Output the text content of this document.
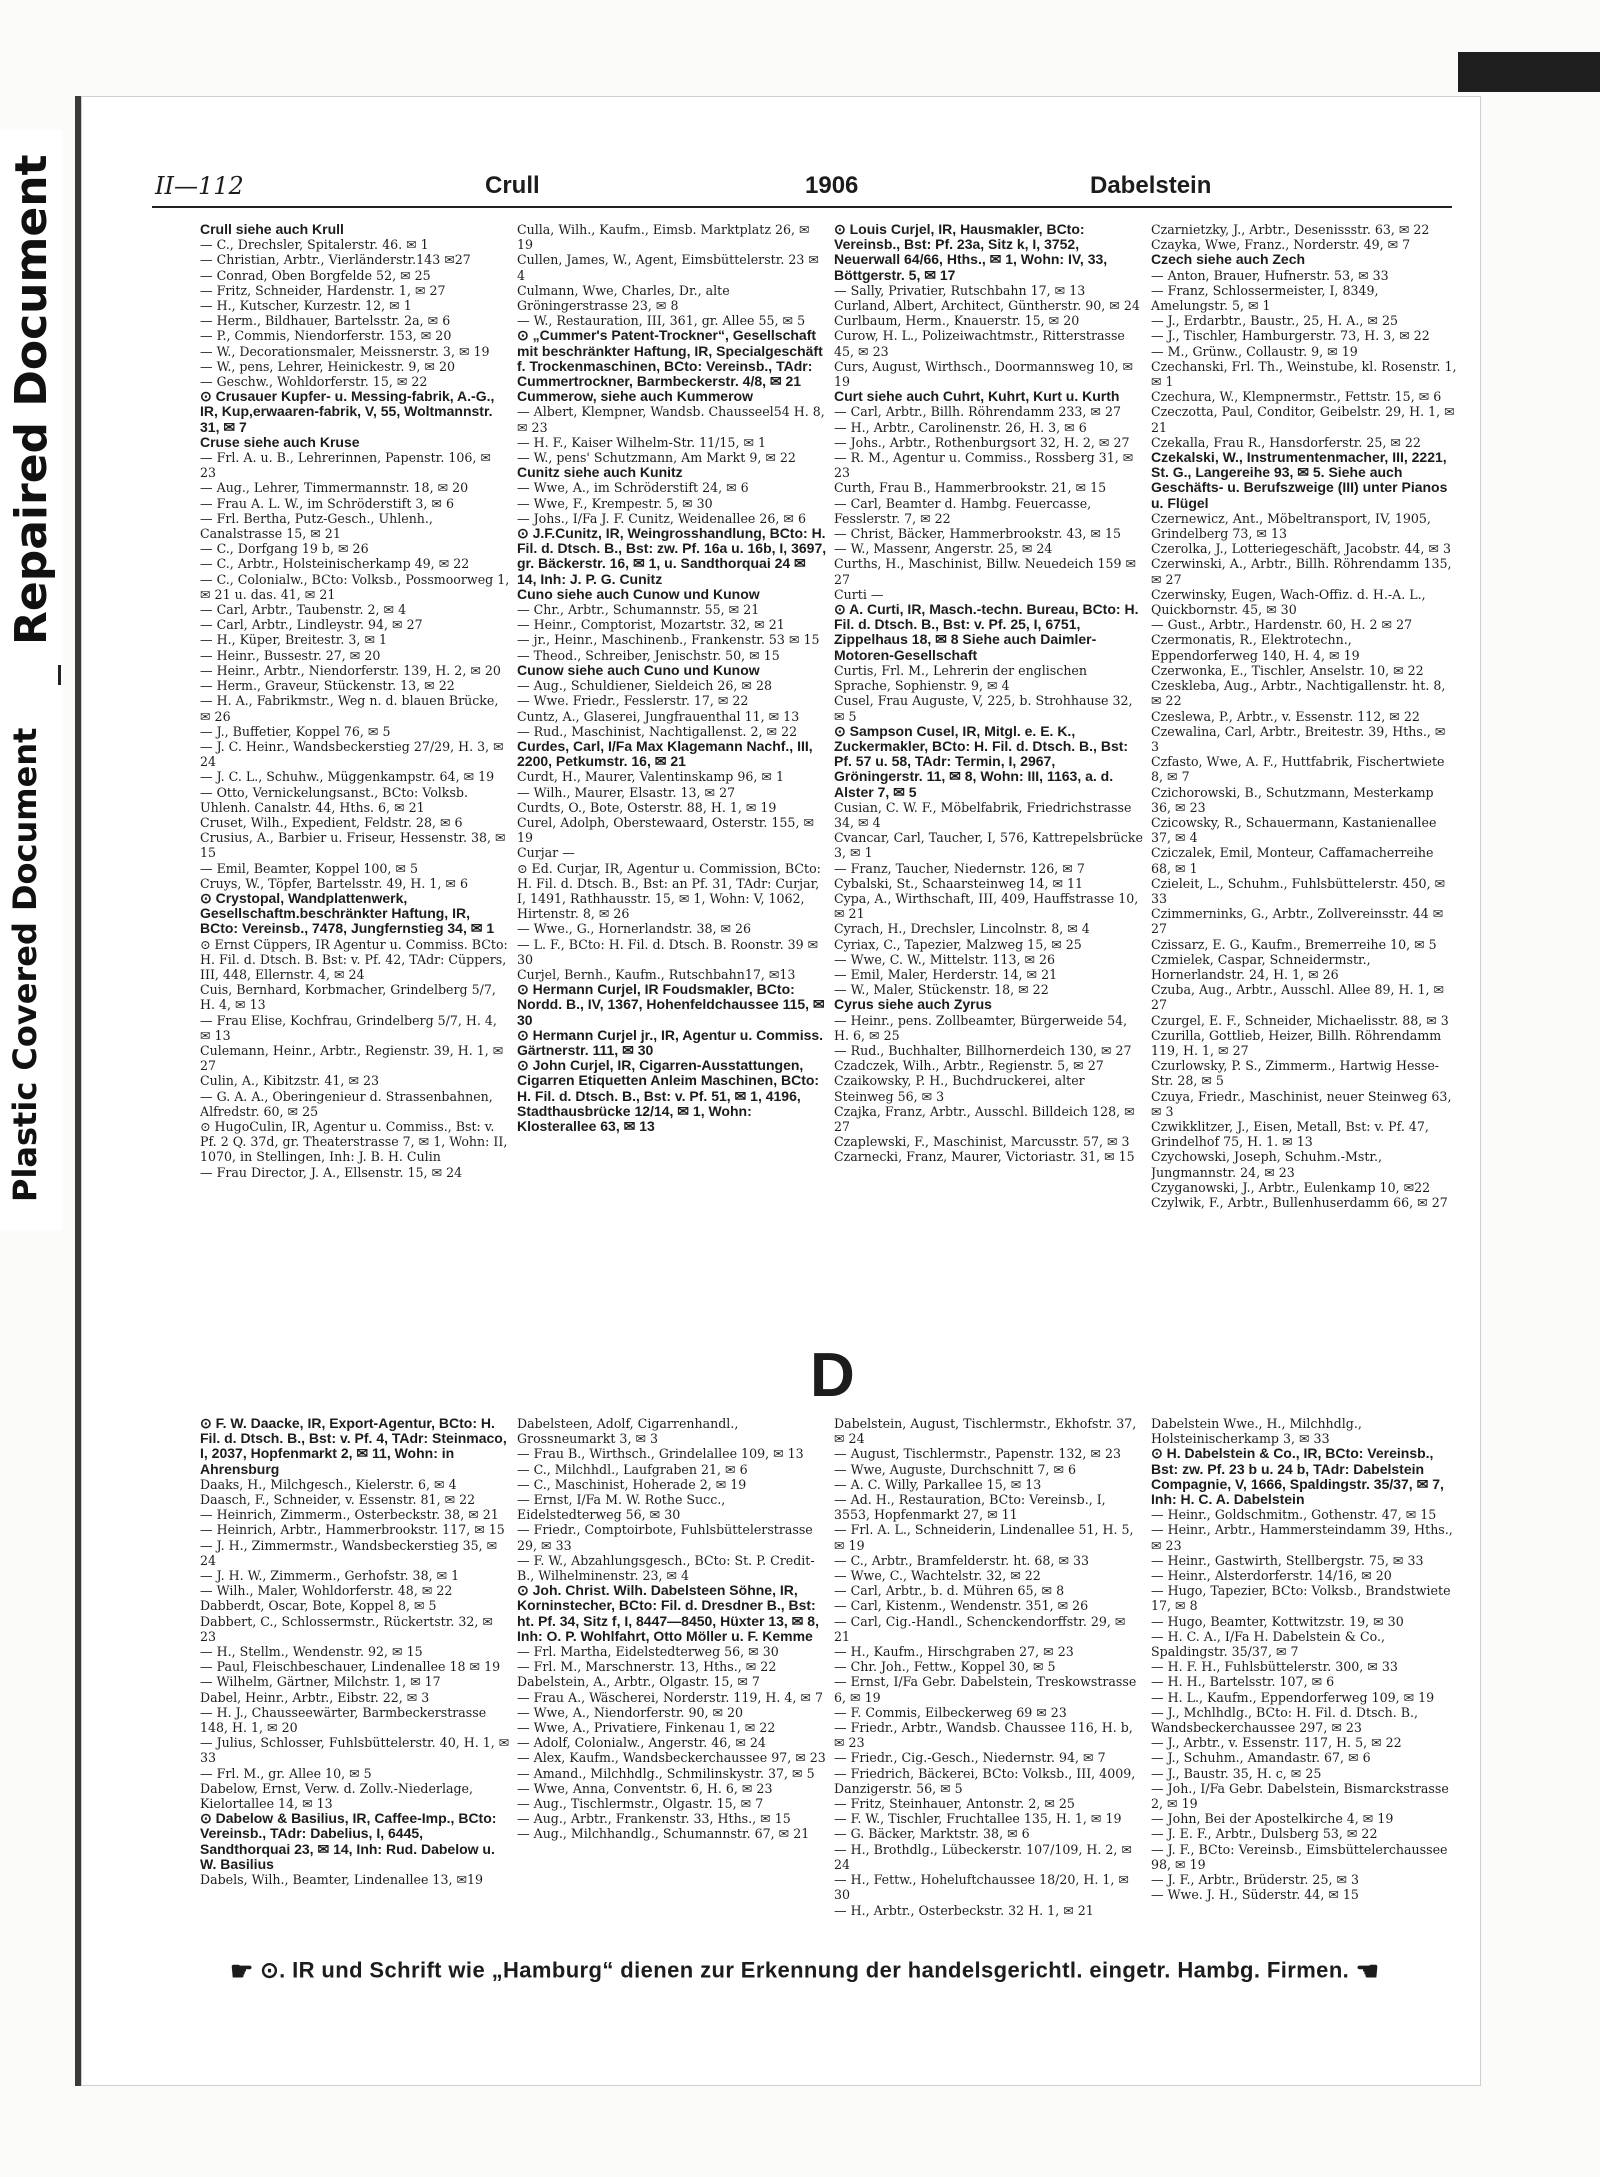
Repaired Document
Plastic Covered Document
II—112	Crull	1906	Dabelstein

Crull siehe auch Krull

— C., Drechsler, Spitalerstr. 46. ✉ 1

— Christian, Arbtr., Vierländerstr.143 ✉27

— Conrad, Oben Borgfelde 52, ✉ 25

— Fritz, Schneider, Hardenstr. 1, ✉ 27

— H., Kutscher, Kurzestr. 12, ✉ 1

— Herm., Bildhauer, Bartelsstr. 2a, ✉ 6

— P., Commis, Niendorferstr. 153, ✉ 20

— W., Decorationsmaler, Meissnerstr. 3, ✉ 19

— W., pens, Lehrer, Heinickestr. 9, ✉ 20

— Geschw., Wohldorferstr. 15, ✉ 22

⊙ Crusauer Kupfer- u. Messing-fabrik, A.-G., IR, Kup,erwaaren-fabrik, V, 55, Woltmannstr. 31, ✉ 7

Cruse siehe auch Kruse

— Frl. A. u. B., Lehrerinnen, Papenstr. 106, ✉ 23

— Aug., Lehrer, Timmermannstr. 18, ✉ 20

— Frau A. L. W., im Schröderstift 3, ✉ 6

— Frl. Bertha, Putz-Gesch., Uhlenh., Canalstrasse 15, ✉ 21

— C., Dorfgang 19 b, ✉ 26

— C., Arbtr., Holsteinischerkamp 49, ✉ 22

— C., Colonialw., BCto: Volksb., Possmoorweg 1, ✉ 21 u. das. 41, ✉ 21

— Carl, Arbtr., Taubenstr. 2, ✉ 4

— Carl, Arbtr., Lindleystr. 94, ✉ 27

— H., Küper, Breitestr. 3, ✉ 1

— Heinr., Bussestr. 27, ✉ 20

— Heinr., Arbtr., Niendorferstr. 139, H. 2, ✉ 20

— Herm., Graveur, Stückenstr. 13, ✉ 22

— H. A., Fabrikmstr., Weg n. d. blauen Brücke, ✉ 26

— J., Buffetier, Koppel 76, ✉ 5

— J. C. Heinr., Wandsbeckerstieg 27/29, H. 3, ✉ 24

— J. C. L., Schuhw., Müggenkampstr. 64, ✉ 19

— Otto, Vernickelungsanst., BCto: Volksb. Uhlenh. Canalstr. 44, Hths. 6, ✉ 21

Cruset, Wilh., Expedient, Feldstr. 28, ✉ 6

Crusius, A., Barbier u. Friseur, Hessenstr. 38, ✉ 15

— Emil, Beamter, Koppel 100, ✉ 5

Cruys, W., Töpfer, Bartelsstr. 49, H. 1, ✉ 6

⊙ Crystopal, Wandplattenwerk, Gesellschaftm.beschränkter Haftung, IR, BCto: Vereinsb., 7478, Jungfernstieg 34, ✉ 1

⊙ Ernst Cüppers, IR Agentur u. Commiss. BCto: H. Fil. d. Dtsch. B. Bst: v. Pf. 42, TAdr: Cüppers, III, 448, Ellernstr. 4, ✉ 24

Cuis, Bernhard, Korbmacher, Grindelberg 5/7, H. 4, ✉ 13

— Frau Elise, Kochfrau, Grindelberg 5/7, H. 4, ✉ 13

Culemann, Heinr., Arbtr., Regienstr. 39, H. 1, ✉ 27

Culin, A., Kibitzstr. 41, ✉ 23

— G. A. A., Oberingenieur d. Strassenbahnen, Alfredstr. 60, ✉ 25

⊙ HugoCulin, IR, Agentur u. Commiss., Bst: v. Pf. 2 Q. 37d, gr. Theaterstrasse 7, ✉ 1, Wohn: II, 1070, in Stellingen, Inh: J. B. H. Culin

— Frau Director, J. A., Ellsenstr. 15, ✉ 24

Culla, Wilh., Kaufm., Eimsb. Marktplatz 26, ✉ 19

Cullen, James, W., Agent, Eimsbüttelerstr. 23 ✉ 4

Culmann, Wwe, Charles, Dr., alte Gröningerstrasse 23, ✉ 8

— W., Restauration, III, 361, gr. Allee 55, ✉ 5

⊙ „Cummer's Patent-Trockner“, Gesellschaft mit beschränkter Haftung, IR, Specialgeschäft f. Trockenmaschinen, BCto: Vereinsb., TAdr: Cummertrockner, Barmbeckerstr. 4/8, ✉ 21

Cummerow, siehe auch Kummerow

— Albert, Klempner, Wandsb. Chausseel54 H. 8, ✉ 23

— H. F., Kaiser Wilhelm-Str. 11/15, ✉ 1

— W., pens' Schutzmann, Am Markt 9, ✉ 22

Cunitz siehe auch Kunitz

— Wwe, A., im Schröderstift 24, ✉ 6

— Wwe, F., Krempestr. 5, ✉ 30

— Johs., I/Fa J. F. Cunitz, Weidenallee 26, ✉ 6

⊙ J.F.Cunitz, IR, Weingrosshandlung, BCto: H. Fil. d. Dtsch. B., Bst: zw. Pf. 16a u. 16b, I, 3697, gr. Bäckerstr. 16, ✉ 1, u. Sandthorquai 24 ✉ 14, Inh: J. P. G. Cunitz

Cuno siehe auch Cunow und Kunow

— Chr., Arbtr., Schumannstr. 55, ✉ 21

— Heinr., Comptorist, Mozartstr. 32, ✉ 21

— jr., Heinr., Maschinenb., Frankenstr. 53 ✉ 15

— Theod., Schreiber, Jenischstr. 50, ✉ 15

Cunow siehe auch Cuno und Kunow

— Aug., Schuldiener, Sieldeich 26, ✉ 28

— Wwe. Friedr., Fesslerstr. 17, ✉ 22

Cuntz, A., Glaserei, Jungfrauenthal 11, ✉ 13

— Rud., Maschinist, Nachtigallenst. 2, ✉ 22

Curdes, Carl, I/Fa Max Klagemann Nachf., III, 2200, Petkumstr. 16, ✉ 21

Curdt, H., Maurer, Valentinskamp 96, ✉ 1

— Wilh., Maurer, Elsastr. 13, ✉ 27

Curdts, O., Bote, Osterstr. 88, H. 1, ✉ 19

Curel, Adolph, Oberstewaard, Osterstr. 155, ✉ 19

Curjar —

⊙ Ed. Curjar, IR, Agentur u. Commission, BCto: H. Fil. d. Dtsch. B., Bst: an Pf. 31, TAdr: Curjar, I, 1491, Rathhausstr. 15, ✉ 1, Wohn: V, 1062, Hirtenstr. 8, ✉ 26

— Wwe., G., Hornerlandstr. 38, ✉ 26

— L. F., BCto: H. Fil. d. Dtsch. B. Roonstr. 39 ✉ 30

Curjel, Bernh., Kaufm., Rutschbahn17, ✉13

⊙ Hermann Curjel, IR Foudsmakler, BCto: Nordd. B., IV, 1367, Hohenfeldchaussee 115, ✉ 30

⊙ Hermann Curjel jr., IR, Agentur u. Commiss. Gärtnerstr. 111, ✉ 30

⊙ John Curjel, IR, Cigarren-Ausstattungen, Cigarren Etiquetten Anleim Maschinen, BCto: H. Fil. d. Dtsch. B., Bst: v. Pf. 51, ✉ 1, 4196, Stadthausbrücke 12/14, ✉ 1, Wohn: Klosterallee 63, ✉ 13

⊙ Louis Curjel, IR, Hausmakler, BCto: Vereinsb., Bst: Pf. 23a, Sitz k, I, 3752, Neuerwall 64/66, Hths., ✉ 1, Wohn: IV, 33, Böttgerstr. 5, ✉ 17

— Sally, Privatier, Rutschbahn 17, ✉ 13

Curland, Albert, Architect, Güntherstr. 90, ✉ 24

Curlbaum, Herm., Knauerstr. 15, ✉ 20

Curow, H. L., Polizeiwachtmstr., Ritterstrasse 45, ✉ 23

Curs, August, Wirthsch., Doormannsweg 10, ✉ 19

Curt siehe auch Cuhrt, Kuhrt, Kurt u. Kurth

— Carl, Arbtr., Billh. Röhrendamm 233, ✉ 27

— H., Arbtr., Carolinenstr. 26, H. 3, ✉ 6

— Johs., Arbtr., Rothenburgsort 32, H. 2, ✉ 27

— R. M., Agentur u. Commiss., Rossberg 31, ✉ 23

Curth, Frau B., Hammerbrookstr. 21, ✉ 15

— Carl, Beamter d. Hambg. Feuercasse, Fesslerstr. 7, ✉ 22

— Christ, Bäcker, Hammerbrookstr. 43, ✉ 15

— W., Massenr, Angerstr. 25, ✉ 24

Curths, H., Maschinist, Billw. Neuedeich 159 ✉ 27

Curti —

⊙ A. Curti, IR, Masch.-techn. Bureau, BCto: H. Fil. d. Dtsch. B., Bst: v. Pf. 25, I, 6751, Zippelhaus 18, ✉ 8 Siehe auch Daimler-Motoren-Gesellschaft

Curtis, Frl. M., Lehrerin der englischen Sprache, Sophienstr. 9, ✉ 4

Cusel, Frau Auguste, V, 225, b. Strohhause 32, ✉ 5

⊙ Sampson Cusel, IR, Mitgl. e. E. K., Zuckermakler, BCto: H. Fil. d. Dtsch. B., Bst: Pf. 57 u. 58, TAdr: Termin, I, 2967, Gröningerstr. 11, ✉ 8, Wohn: III, 1163, a. d. Alster 7, ✉ 5

Cusian, C. W. F., Möbelfabrik, Friedrichstrasse 34, ✉ 4

Cvancar, Carl, Taucher, I, 576, Kattrepelsbrücke 3, ✉ 1

— Franz, Taucher, Niedernstr. 126, ✉ 7

Cybalski, St., Schaarsteinweg 14, ✉ 11

Cypa, A., Wirthschaft, III, 409, Hauffstrasse 10, ✉ 21

Cyrach, H., Drechsler, Lincolnstr. 8, ✉ 4

Cyriax, C., Tapezier, Malzweg 15, ✉ 25

— Wwe, C. W., Mittelstr. 113, ✉ 26

— Emil, Maler, Herderstr. 14, ✉ 21

— W., Maler, Stückenstr. 18, ✉ 22

Cyrus siehe auch Zyrus

— Heinr., pens. Zollbeamter, Bürgerweide 54, H. 6, ✉ 25

— Rud., Buchhalter, Billhornerdeich 130, ✉ 27

Czadczek, Wilh., Arbtr., Regienstr. 5, ✉ 27

Czaikowsky, P. H., Buchdruckerei, alter Steinweg 56, ✉ 3

Czajka, Franz, Arbtr., Ausschl. Billdeich 128, ✉ 27

Czaplewski, F., Maschinist, Marcusstr. 57, ✉ 3

Czarnecki, Franz, Maurer, Victoriastr. 31, ✉ 15

Czarnietzky, J., Arbtr., Desenissstr. 63, ✉ 22

Czayka, Wwe, Franz., Norderstr. 49, ✉ 7

Czech siehe auch Zech

— Anton, Brauer, Hufnerstr. 53, ✉ 33

— Franz, Schlossermeister, I, 8349, Amelungstr. 5, ✉ 1

— J., Erdarbtr., Baustr., 25, H. A., ✉ 25

— J., Tischler, Hamburgerstr. 73, H. 3, ✉ 22

— M., Grünw., Collaustr. 9, ✉ 19

Czechanski, Frl. Th., Weinstube, kl. Rosenstr. 1, ✉ 1

Czechura, W., Klempnermstr., Fettstr. 15, ✉ 6

Czeczotta, Paul, Conditor, Geibelstr. 29, H. 1, ✉ 21

Czekalla, Frau R., Hansdorferstr. 25, ✉ 22

Czekalski, W., Instrumentenmacher, III, 2221, St. G., Langereihe 93, ✉ 5. Siehe auch Geschäfts- u. Berufszweige (III) unter Pianos u. Flügel

Czernewicz, Ant., Möbeltransport, IV, 1905, Grindelberg 73, ✉ 13

Czerolka, J., Lotteriegeschäft, Jacobstr. 44, ✉ 3

Czerwinski, A., Arbtr., Billh. Röhrendamm 135, ✉ 27

Czerwinsky, Eugen, Wach-Offiz. d. H.-A. L., Quickbornstr. 45, ✉ 30

— Gust., Arbtr., Hardenstr. 60, H. 2 ✉ 27

Czermonatis, R., Elektrotechn., Eppendorferweg 140, H. 4, ✉ 19

Czerwonka, E., Tischler, Anselstr. 10, ✉ 22

Czeskleba, Aug., Arbtr., Nachtigallenstr. ht. 8, ✉ 22

Czeslewa, P., Arbtr., v. Essenstr. 112, ✉ 22

Czewalina, Carl, Arbtr., Breitestr. 39, Hths., ✉ 3

Czfasto, Wwe, A. F., Huttfabrik, Fischertwiete 8, ✉ 7

Czichorowski, B., Schutzmann, Mesterkamp 36, ✉ 23

Czicowsky, R., Schauermann, Kastanienallee 37, ✉ 4

Cziczalek, Emil, Monteur, Caffamacherreihe 68, ✉ 1

Czieleit, L., Schuhm., Fuhlsbüttelerstr. 450, ✉ 33

Czimmerninks, G., Arbtr., Zollvereinsstr. 44 ✉ 27

Czissarz, E. G., Kaufm., Bremerreihe 10, ✉ 5

Czmielek, Caspar, Schneidermstr., Hornerlandstr. 24, H. 1, ✉ 26

Czuba, Aug., Arbtr., Ausschl. Allee 89, H. 1, ✉ 27

Czurgel, E. F., Schneider, Michaelisstr. 88, ✉ 3

Czurilla, Gottlieb, Heizer, Billh. Röhrendamm 119, H. 1, ✉ 27

Czurlowsky, P. S., Zimmerm., Hartwig Hesse-Str. 28, ✉ 5

Czuya, Friedr., Maschinist, neuer Steinweg 63, ✉ 3

Czwikklitzer, J., Eisen, Metall, Bst: v. Pf. 47, Grindelhof 75, H. 1. ✉ 13

Czychowski, Joseph, Schuhm.-Mstr., Jungmannstr. 24, ✉ 23

Czyganowski, J., Arbtr., Eulenkamp 10, ✉22

Czylwik, F., Arbtr., Bullenhuserdamm 66, ✉ 27

D

⊙ F. W. Daacke, IR, Export-Agentur, BCto: H. Fil. d. Dtsch. B., Bst: v. Pf. 4, TAdr: Steinmaco, I, 2037, Hopfenmarkt 2, ✉ 11, Wohn: in Ahrensburg

Daaks, H., Milchgesch., Kielerstr. 6, ✉ 4

Daasch, F., Schneider, v. Essenstr. 81, ✉ 22

— Heinrich, Zimmerm., Osterbeckstr. 38, ✉ 21

— Heinrich, Arbtr., Hammerbrookstr. 117, ✉ 15

— J. H., Zimmermstr., Wandsbeckerstieg 35, ✉ 24

— J. H. W., Zimmerm., Gerhofstr. 38, ✉ 1

— Wilh., Maler, Wohldorferstr. 48, ✉ 22

Dabberdt, Oscar, Bote, Koppel 8, ✉ 5

Dabbert, C., Schlossermstr., Rückertstr. 32, ✉ 23

— H., Stellm., Wendenstr. 92, ✉ 15

— Paul, Fleischbeschauer, Lindenallee 18 ✉ 19

— Wilhelm, Gärtner, Milchstr. 1, ✉ 17

Dabel, Heinr., Arbtr., Eibstr. 22, ✉ 3

— H. J., Chausseewärter, Barmbeckerstrasse 148, H. 1, ✉ 20

— Julius, Schlosser, Fuhlsbüttelerstr. 40, H. 1, ✉ 33

— Frl. M., gr. Allee 10, ✉ 5

Dabelow, Ernst, Verw. d. Zollv.-Niederlage, Kielortallee 14, ✉ 13

⊙ Dabelow & Basilius, IR, Caffee-Imp., BCto: Vereinsb., TAdr: Dabelius, I, 6445, Sandthorquai 23, ✉ 14, Inh: Rud. Dabelow u. W. Basilius

Dabels, Wilh., Beamter, Lindenallee 13, ✉19

Dabelsteen, Adolf, Cigarrenhandl., Grossneumarkt 3, ✉ 3

— Frau B., Wirthsch., Grindelallee 109, ✉ 13

— C., Milchhdl., Laufgraben 21, ✉ 6

— C., Maschinist, Hoherade 2, ✉ 19

— Ernst, I/Fa M. W. Rothe Succ., Eidelstedterweg 56, ✉ 30

— Friedr., Comptoirbote, Fuhlsbüttelerstrasse 29, ✉ 33

— F. W., Abzahlungsgesch., BCto: St. P. Credit-B., Wilhelminenstr. 23, ✉ 4

⊙ Joh. Christ. Wilh. Dabelsteen Söhne, IR, Korninstecher, BCto: Fil. d. Dresdner B., Bst: ht. Pf. 34, Sitz f, I, 8447—8450, Hüxter 13, ✉ 8, Inh: O. P. Wohlfahrt, Otto Möller u. F. Kemme

— Frl. Martha, Eidelstedterweg 56, ✉ 30

— Frl. M., Marschnerstr. 13, Hths., ✉ 22

Dabelstein, A., Arbtr., Olgastr. 15, ✉ 7

— Frau A., Wäscherei, Norderstr. 119, H. 4, ✉ 7

— Wwe, A., Niendorferstr. 90, ✉ 20

— Wwe, A., Privatiere, Finkenau 1, ✉ 22

— Adolf, Colonialw., Angerstr. 46, ✉ 24

— Alex, Kaufm., Wandsbeckerchaussee 97, ✉ 23

— Amand., Milchhdlg., Schmilinskystr. 37, ✉ 5

— Wwe, Anna, Conventstr. 6, H. 6, ✉ 23

— Aug., Tischlermstr., Olgastr. 15, ✉ 7

— Aug., Arbtr., Frankenstr. 33, Hths., ✉ 15

— Aug., Milchhandlg., Schumannstr. 67, ✉ 21

Dabelstein, August, Tischlermstr., Ekhofstr. 37, ✉ 24

— August, Tischlermstr., Papenstr. 132, ✉ 23

— Wwe, Auguste, Durchschnitt 7, ✉ 6

— A. C. Willy, Parkallee 15, ✉ 13

— Ad. H., Restauration, BCto: Vereinsb., I, 3553, Hopfenmarkt 27, ✉ 11

— Frl. A. L., Schneiderin, Lindenallee 51, H. 5, ✉ 19

— C., Arbtr., Bramfelderstr. ht. 68, ✉ 33

— Wwe, C., Wachtelstr. 32, ✉ 22

— Carl, Arbtr., b. d. Mühren 65, ✉ 8

— Carl, Kistenm., Wendenstr. 351, ✉ 26

— Carl, Cig.-Handl., Schenckendorffstr. 29, ✉ 21

— H., Kaufm., Hirschgraben 27, ✉ 23

— Chr. Joh., Fettw., Koppel 30, ✉ 5

— Ernst, I/Fa Gebr. Dabelstein, Treskowstrasse 6, ✉ 19

— F. Commis, Eilbeckerweg 69 ✉ 23

— Friedr., Arbtr., Wandsb. Chaussee 116, H. b, ✉ 23

— Friedr., Cig.-Gesch., Niedernstr. 94, ✉ 7

— Friedrich, Bäckerei, BCto: Volksb., III, 4009, Danzigerstr. 56, ✉ 5

— Fritz, Steinhauer, Antonstr. 2, ✉ 25

— F. W., Tischler, Fruchtallee 135, H. 1, ✉ 19

— G. Bäcker, Marktstr. 38, ✉ 6

— H., Brothdlg., Lübeckerstr. 107/109, H. 2, ✉ 24

— H., Fettw., Hoheluftchaussee 18/20, H. 1, ✉ 30

— H., Arbtr., Osterbeckstr. 32 H. 1, ✉ 21

Dabelstein Wwe., H., Milchhdlg., Holsteinischerkamp 3, ✉ 33

⊙ H. Dabelstein & Co., IR, BCto: Vereinsb., Bst: zw. Pf. 23 b u. 24 b, TAdr: Dabelstein Compagnie, V, 1666, Spaldingstr. 35/37, ✉ 7, Inh: H. C. A. Dabelstein

— Heinr., Goldschmitm., Gothenstr. 47, ✉ 15

— Heinr., Arbtr., Hammersteindamm 39, Hths., ✉ 23

— Heinr., Gastwirth, Stellbergstr. 75, ✉ 33

— Heinr., Alsterdorferstr. 14/16, ✉ 20

— Hugo, Tapezier, BCto: Volksb., Brandstwiete 17, ✉ 8

— Hugo, Beamter, Kottwitzstr. 19, ✉ 30

— H. C. A., I/Fa H. Dabelstein & Co., Spaldingstr. 35/37, ✉ 7

— H. F. H., Fuhlsbüttelerstr. 300, ✉ 33

— H. H., Bartelsstr. 107, ✉ 6

— H. L., Kaufm., Eppendorferweg 109, ✉ 19

— J., Mchlhdlg., BCto: H. Fil. d. Dtsch. B., Wandsbeckerchaussee 297, ✉ 23

— J., Arbtr., v. Essenstr. 117, H. 5, ✉ 22

— J., Schuhm., Amandastr. 67, ✉ 6

— J., Baustr. 35, H. c, ✉ 25

— Joh., I/Fa Gebr. Dabelstein, Bismarckstrasse 2, ✉ 19

— John, Bei der Apostelkirche 4, ✉ 19

— J. E. F., Arbtr., Dulsberg 53, ✉ 22

— J. F., BCto: Vereinsb., Eimsbüttelerchaussee 98, ✉ 19

— J. F., Arbtr., Brüderstr. 25, ✉ 3

— Wwe. J. H., Süderstr. 44, ✉ 15

☛ ⊙. IR und Schrift wie „Hamburg“ dienen zur Erkennung der handelsgerichtl. eingetr. Hambg. Firmen. ☚
